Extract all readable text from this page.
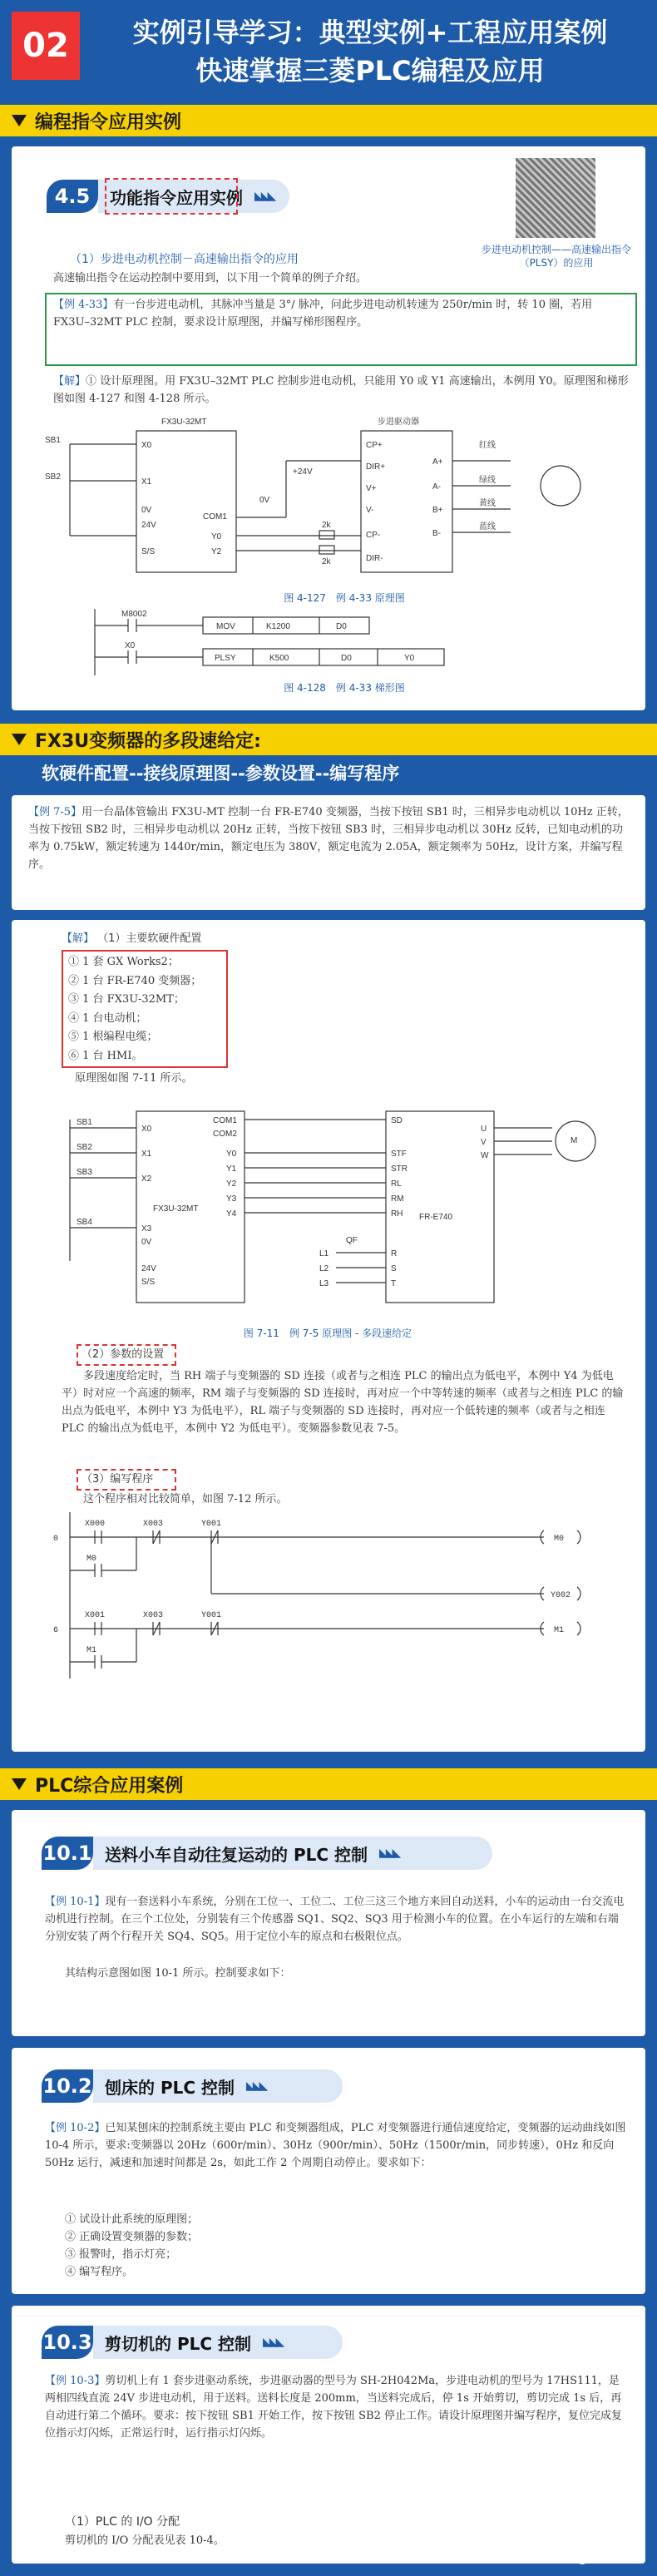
02	实例引导学习：典型实例+工程应用案例
快速掌握三菱PLC编程及应用
编程指令应用实例
4.5	功能指令应用实例 ◣◣◣
步进电动机控制——高速输出指令（PLSY）的应用
（1）步进电动机控制－高速输出指令的应用
高速输出指令在运动控制中要用到，以下用一个简单的例子介绍。
【例 4-33】有一台步进电动机，其脉冲当量是 3°/ 脉冲，问此步进电动机转速为 250r/min 时，转 10 圈，若用 FX3U–32MT PLC 控制，要求设计原理图，并编写梯形图程序。
【解】① 设计原理图。用 FX3U–32MT PLC 控制步进电动机，只能用 Y0 或 Y1 高速输出，本例用 Y0。原理图和梯形图如图 4-127 和图 4-128 所示。
FX3U-32MT	步进驱动器
SB1
SB2
X0
X1
0V
24V
S/S
COM1
Y0
Y2
0V
+24V
2k
2k
CP+
DIR+
V+
V-
CP-
DIR-
A+
A-
B+
B-
红线
绿线
黄线
蓝线
图 4-127　例 4-33 原理图
M8002
X0
MOV	K1200	D0
PLSY	K500	D0	Y0
图 4-128　例 4-33 梯形图
FX3U变频器的多段速给定:
软硬件配置--接线原理图--参数设置--编写程序
【例 7-5】用一台晶体管输出 FX3U-MT 控制一台 FR-E740 变频器，当按下按钮 SB1 时，三相异步电动机以 10Hz 正转，当按下按钮 SB2 时，三相异步电动机以 20Hz 正转，当按下按钮 SB3 时，三相异步电动机以 30Hz 反转，已知电动机的功率为 0.75kW，额定转速为 1440r/min，额定电压为 380V，额定电流为 2.05A，额定频率为 50Hz，设计方案，并编写程序。
【解】 （1）主要软硬件配置
① 1 套 GX Works2；
② 1 台 FR-E740 变频器；
③ 1 台 FX3U-32MT；
④ 1 台电动机；
⑤ 1 根编程电缆；
⑥ 1 台 HMI。
原理图如图 7-11 所示。
FX3U-32MT
FR-E740
SB1
SB2
SB3
SB4
X0
X1
X2
X3
0V
24V
S/S
COM1
COM2
Y0
Y1
Y2
Y3
Y4
SD
STF
STR
RL
RM
RH
R
S
T
U
V
W
QF
L1
L2
L3
M
图 7-11　例 7-5 原理图 - 多段速给定
（2）参数的设置
多段速度给定时，当 RH 端子与变频器的 SD 连接（或者与之相连 PLC 的输出点为低电平，本例中 Y4 为低电平）时对应一个高速的频率，RM 端子与变频器的 SD 连接时，再对应一个中等转速的频率（或者与之相连 PLC 的输出点为低电平，本例中 Y3 为低电平），RL 端子与变频器的 SD 连接时，再对应一个低转速的频率（或者与之相连 PLC 的输出点为低电平，本例中 Y2 为低电平）。变频器参数见表 7-5。
（3）编写程序
这个程序相对比较简单，如图 7-12 所示。
0
X000	X003	Y001
M0
M0
Y002
6
X001	X003	Y001
M1
M1
PLC综合应用案例
10.1 送料小车自动往复运动的 PLC 控制 ◣◣◣
【例 10-1】现有一套送料小车系统，分别在工位一、工位二、工位三这三个地方来回自动送料，小车的运动由一台交流电动机进行控制。在三个工位处，分别装有三个传感器 SQ1、SQ2、SQ3 用于检测小车的位置。在小车运行的左端和右端分别安装了两个行程开关 SQ4、SQ5。用于定位小车的原点和右极限位点。
其结构示意图如图 10-1 所示。控制要求如下：
10.2 刨床的 PLC 控制 ◣◣◣
【例 10-2】已知某刨床的控制系统主要由 PLC 和变频器组成，PLC 对变频器进行通信速度给定，变频器的运动曲线如图 10-4 所示，要求:变频器以 20Hz（600r/min）、30Hz（900r/min）、50Hz（1500r/min，同步转速），0Hz 和反向 50Hz 运行，减速和加速时间都是 2s，如此工作 2 个周期自动停止。要求如下：
① 试设计此系统的原理图；
② 正确设置变频器的参数；
③ 报警时，指示灯亮；
④ 编写程序。
10.3 剪切机的 PLC 控制 ◣◣◣
【例 10-3】剪切机上有 1 套步进驱动系统，步进驱动器的型号为 SH-2H042Ma，步进电动机的型号为 17HS111，是两相四线直流 24V 步进电动机，用于送料。送料长度是 200mm，当送料完成后，停 1s 开始剪切，剪切完成 1s 后，再自动进行第二个循环。要求：按下按钮 SB1 开始工作，按下按钮 SB2 停止工作。请设计原理图并编写程序，复位完成复位指示灯闪烁，正常运行时，运行指示灯闪烁。
（1）PLC 的 I/O 分配
剪切机的 I/O 分配表见表 10-4。
头条 @通用机械
